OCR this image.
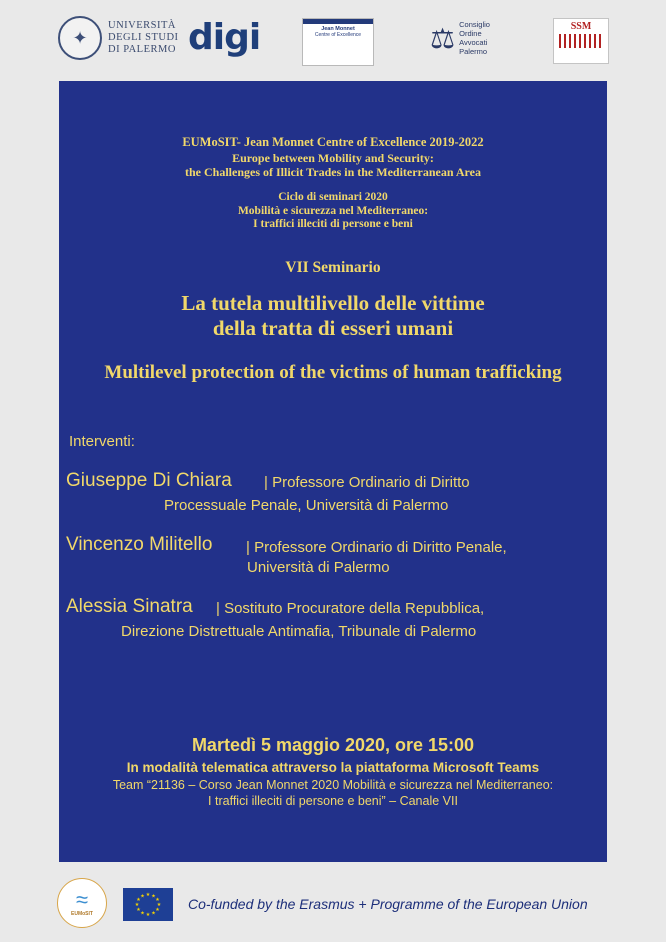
✦
UNIVERSITÀ
DEGLI STUDI
DI PALERMO digi	Jean Monnet
Centre of Excellence ⚖ Consiglio
Ordine
Avvocati
Palermo
SSM
EUMoSIT- Jean Monnet Centre of Excellence 2019-2022
Europe between Mobility and Security:
the Challenges of Illicit Trades in the Mediterranean Area
Ciclo di seminari 2020
Mobilità e sicurezza nel Mediterraneo:
I traffici illeciti di persone e beni
VII Seminario
La tutela multilivello delle vittime
della tratta di esseri umani
Multilevel protection of the victims of human trafficking
Interventi:
Giuseppe Di Chiara | Professore Ordinario di Diritto
Processuale Penale, Università di Palermo
Vincenzo Militello | Professore Ordinario di Diritto Penale,
Università di Palermo
Alessia Sinatra | Sostituto Procuratore della Repubblica,
Direzione Distrettuale Antimafia, Tribunale di Palermo
Martedì 5 maggio 2020, ore 15:00
In modalità telematica attraverso la piattaforma Microsoft Teams
Team “21136 – Corso Jean Monnet 2020 Mobilità e sicurezza nel Mediterraneo:
I traffici illeciti di persone e beni” – Canale VII
≈
EUMoSIT
★ ★
★
★
★
★
★
★
★
★
★
★	Co-funded by the Erasmus + Programme of the European Union
